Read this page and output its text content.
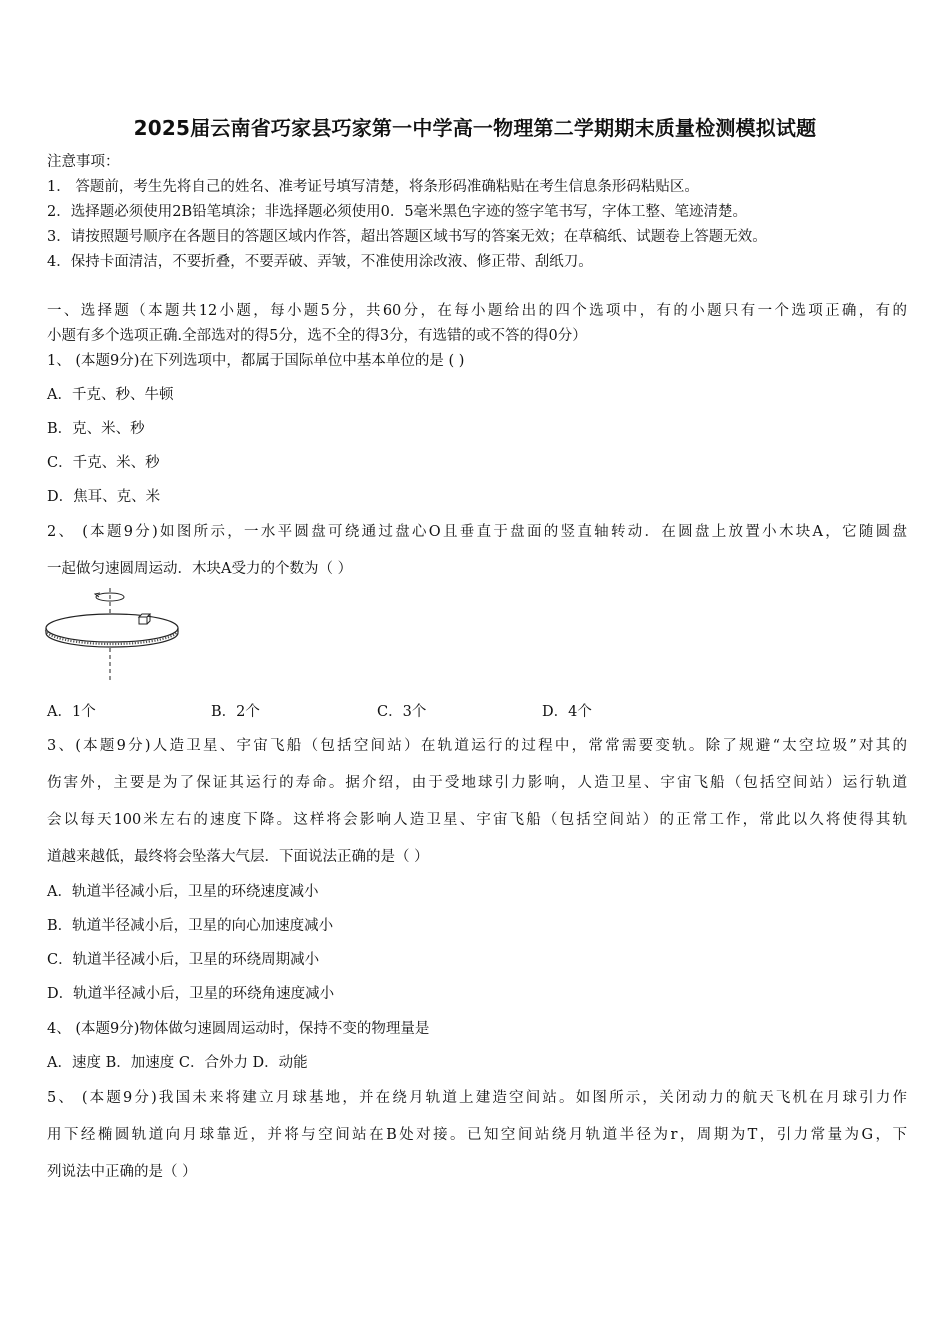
2025届云南省巧家县巧家第一中学高一物理第二学期期末质量检测模拟试题
注意事项：
1． 答题前，考生先将自己的姓名、准考证号填写清楚，将条形码准确粘贴在考生信息条形码粘贴区。
2．选择题必须使用2B铅笔填涂；非选择题必须使用0．5毫米黑色字迹的签字笔书写，字体工整、笔迹清楚。
3．请按照题号顺序在各题目的答题区域内作答，超出答题区域书写的答案无效；在草稿纸、试题卷上答题无效。
4．保持卡面清洁，不要折叠，不要弄破、弄皱，不准使用涂改液、修正带、刮纸刀。
一、选择题（本题共12小题，每小题5分，共60分，在每小题给出的四个选项中，有的小题只有一个选项正确，有的
小题有多个选项正确.全部选对的得5分，选不全的得3分，有选错的或不答的得0分）
1、 (本题9分)在下列选项中，都属于国际单位中基本单位的是 ( )
A．千克、秒、牛顿
B．克、米、秒
C．千克、米、秒
D．焦耳、克、米
2、 (本题9分)如图所示，一水平圆盘可绕通过盘心O且垂直于盘面的竖直轴转动．在圆盘上放置小木块A，它随圆盘
一起做匀速圆周运动．木块A受力的个数为（ ）
A．1个	B．2个	C．3个	D．4个
3、(本题9分)人造卫星、宇宙飞船（包括空间站）在轨道运行的过程中，常常需要变轨。除了规避“太空垃圾”对其的
伤害外，主要是为了保证其运行的寿命。据介绍，由于受地球引力影响，人造卫星、宇宙飞船（包括空间站）运行轨道
会以每天100米左右的速度下降。这样将会影响人造卫星、宇宙飞船（包括空间站）的正常工作，常此以久将使得其轨
道越来越低，最终将会坠落大气层．下面说法正确的是（ ）
A．轨道半径减小后，卫星的环绕速度减小
B．轨道半径减小后，卫星的向心加速度减小
C．轨道半径减小后，卫星的环绕周期减小
D．轨道半径减小后，卫星的环绕角速度减小
4、 (本题9分)物体做匀速圆周运动时，保持不变的物理量是
A．速度 B．加速度 C．合外力 D．动能
5、 (本题9分)我国未来将建立月球基地，并在绕月轨道上建造空间站。如图所示，关闭动力的航天飞机在月球引力作
用下经椭圆轨道向月球靠近，并将与空间站在B处对接。已知空间站绕月轨道半径为r，周期为T，引力常量为G，下
列说法中正确的是（ ）
